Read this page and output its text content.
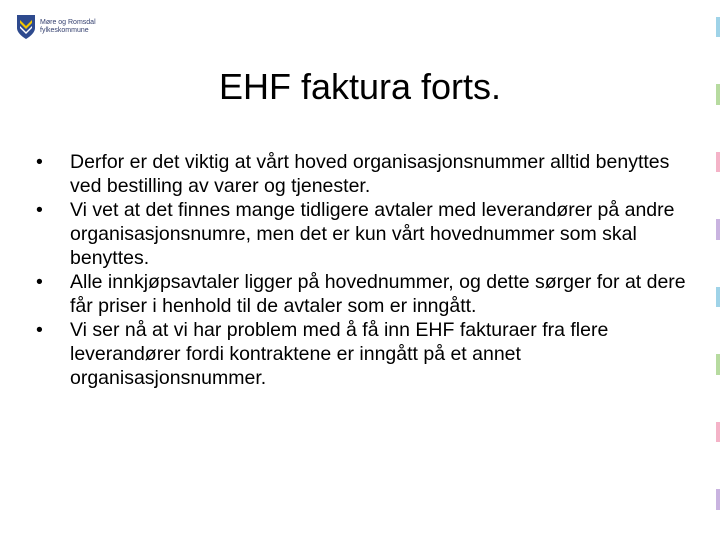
Møre og Romsdal
fylkeskommune
EHF faktura forts.
• Derfor er det viktig at vårt hoved organisasjonsnummer alltid benyttes ved bestilling av varer og tjenester.
• Vi vet at det finnes mange tidligere avtaler med leverandører på andre organisasjonsnumre, men det er kun vårt hovednummer som skal benyttes.
• Alle innkjøpsavtaler ligger på hovednummer, og dette sørger for at dere får priser i henhold til de avtaler som er inngått.
• Vi ser nå at vi har problem med å få inn EHF fakturaer fra flere leverandører fordi kontraktene er inngått på et annet organisasjonsnummer.
